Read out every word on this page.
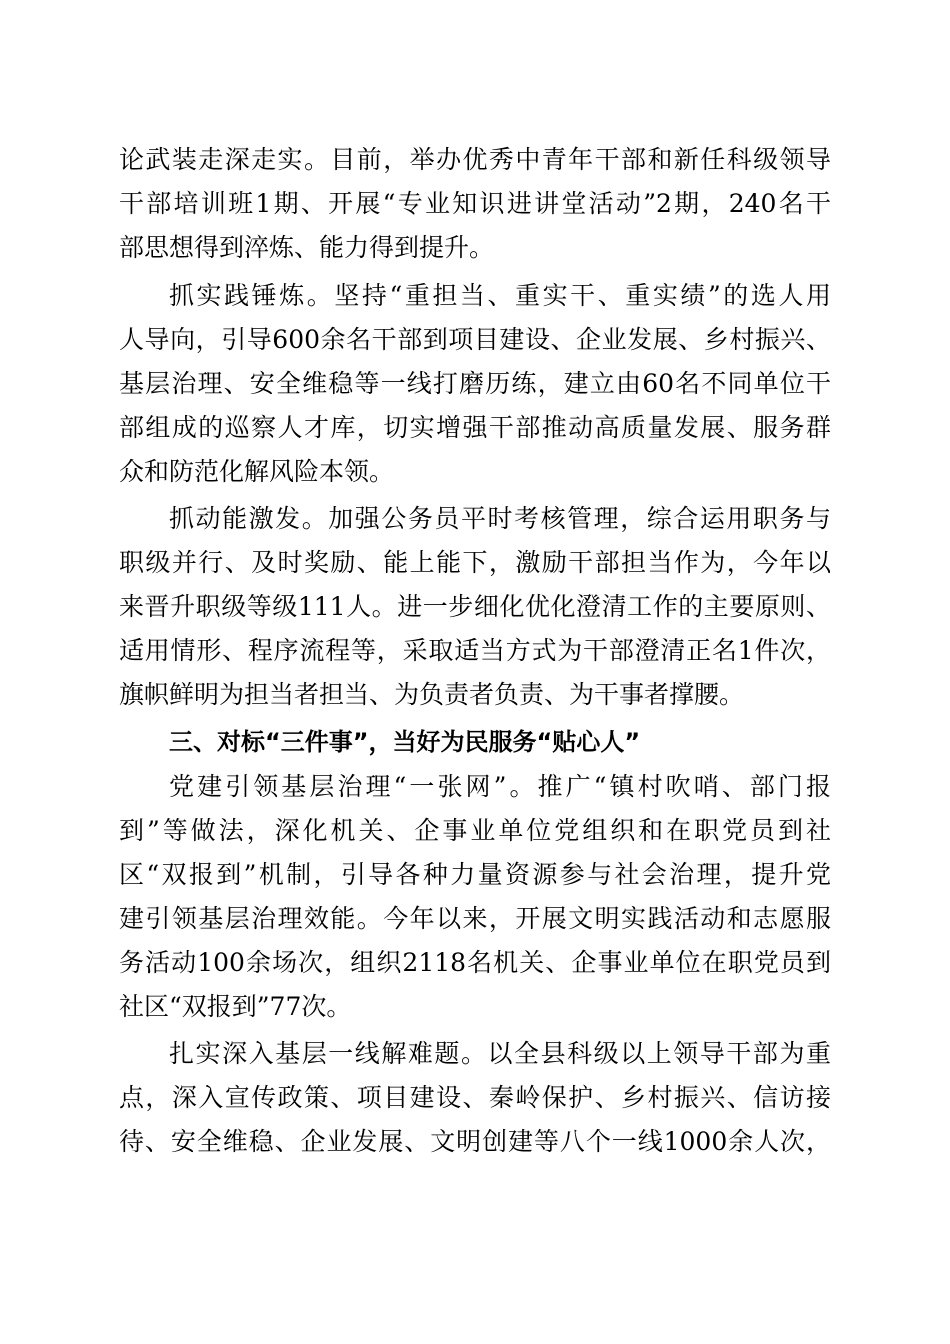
论武装走深走实。目前，举办优秀中青年干部和新任科级领导
干部培训班1期、开展“专业知识进讲堂活动”2期，240名干
部思想得到淬炼、能力得到提升。
抓实践锤炼。坚持“重担当、重实干、重实绩”的选人用
人导向，引导600余名干部到项目建设、企业发展、乡村振兴、
基层治理、安全维稳等一线打磨历练，建立由60名不同单位干
部组成的巡察人才库，切实增强干部推动高质量发展、服务群
众和防范化解风险本领。
抓动能激发。加强公务员平时考核管理，综合运用职务与
职级并行、及时奖励、能上能下，激励干部担当作为，今年以
来晋升职级等级111人。进一步细化优化澄清工作的主要原则、
适用情形、程序流程等，采取适当方式为干部澄清正名1件次，
旗帜鲜明为担当者担当、为负责者负责、为干事者撑腰。
三、对标“三件事”，当好为民服务“贴心人”
党建引领基层治理“一张网”。推广“镇村吹哨、部门报
到”等做法，深化机关、企事业单位党组织和在职党员到社
区“双报到”机制，引导各种力量资源参与社会治理，提升党
建引领基层治理效能。今年以来，开展文明实践活动和志愿服
务活动100余场次，组织2118名机关、企事业单位在职党员到
社区“双报到”77次。
扎实深入基层一线解难题。以全县科级以上领导干部为重
点，深入宣传政策、项目建设、秦岭保护、乡村振兴、信访接
待、安全维稳、企业发展、文明创建等八个一线1000余人次，
